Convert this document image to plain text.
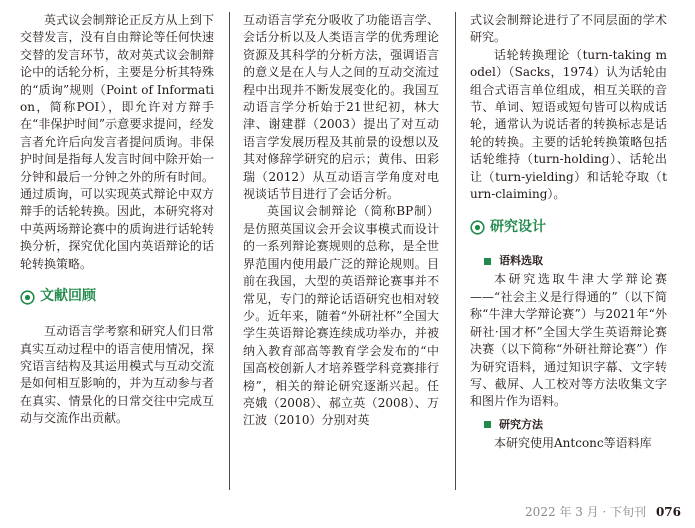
英式议会制辩论正反方从上到下交替发言，没有自由辩论等任何快速交替的发言环节，故对英式议会制辩论中的话轮分析，主要是分析其特殊的“质询”规则（Point of Information，简称POI），即允许对方辩手在“非保护时间”示意要求提问，经发言者允许后向发言者提问质询。非保护时间是指每人发言时间中除开始一分钟和最后一分钟之外的所有时间。通过质询，可以实现英式辩论中双方辩手的话轮转换。因此，本研究将对中英两场辩论赛中的质询进行话轮转换分析，探究优化国内英语辩论的话轮转换策略。

文献回顾

互动语言学考察和研究人们日常真实互动过程中的语言使用情况，探究语言结构及其运用模式与互动交流是如何相互影响的，并为互动参与者在真实、情景化的日常交往中完成互动与交流作出贡献。

互动语言学充分吸收了功能语言学、会话分析以及人类语言学的优秀理论资源及其科学的分析方法，强调语言的意义是在人与人之间的互动交流过程中出现并不断发展变化的。我国互动语言学分析始于21世纪初，林大津、谢建群（2003）提出了对互动语言学发展历程及其前景的设想以及其对修辞学研究的启示；黄伟、田彩瑞（2012）从互动语言学角度对电视谈话节目进行了会话分析。

英国议会制辩论（简称BP制）是仿照英国议会开会议事模式而设计的一系列辩论赛规则的总称，是全世界范围内使用最广泛的辩论规则。目前在我国，大型的英语辩论赛事并不常见，专门的辩论话语研究也相对较少。近年来，随着“外研社杯”全国大学生英语辩论赛连续成功举办，并被纳入教育部高等教育学会发布的“中国高校创新人才培养暨学科竞赛排行榜”，相关的辩论研究逐渐兴起。任亮娥（2008）、郝立英（2008）、万江波（2010）分别对英

式议会制辩论进行了不同层面的学术研究。

话轮转换理论（turn-taking model）（Sacks，1974）认为话轮由组合式语言单位组成，相互关联的音节、单词、短语或短句皆可以构成话轮，通常认为说话者的转换标志是话轮的转换。主要的话轮转换策略包括话轮维持（turn-holding）、话轮出让（turn-yielding）和话轮夺取（turn-claiming）。

研究设计
语料选取

本研究选取牛津大学辩论赛——“社会主义是行得通的”（以下简称“牛津大学辩论赛”）与2021年“外研社·国才杯”全国大学生英语辩论赛决赛（以下简称“外研社辩论赛”）作为研究语料，通过知识字幕、文字转写、截屏、人工校对等方法收集文字和图片作为语料。

研究方法

本研究使用Antconc等语料库

2022 年 3 月 · 下旬刊 076
